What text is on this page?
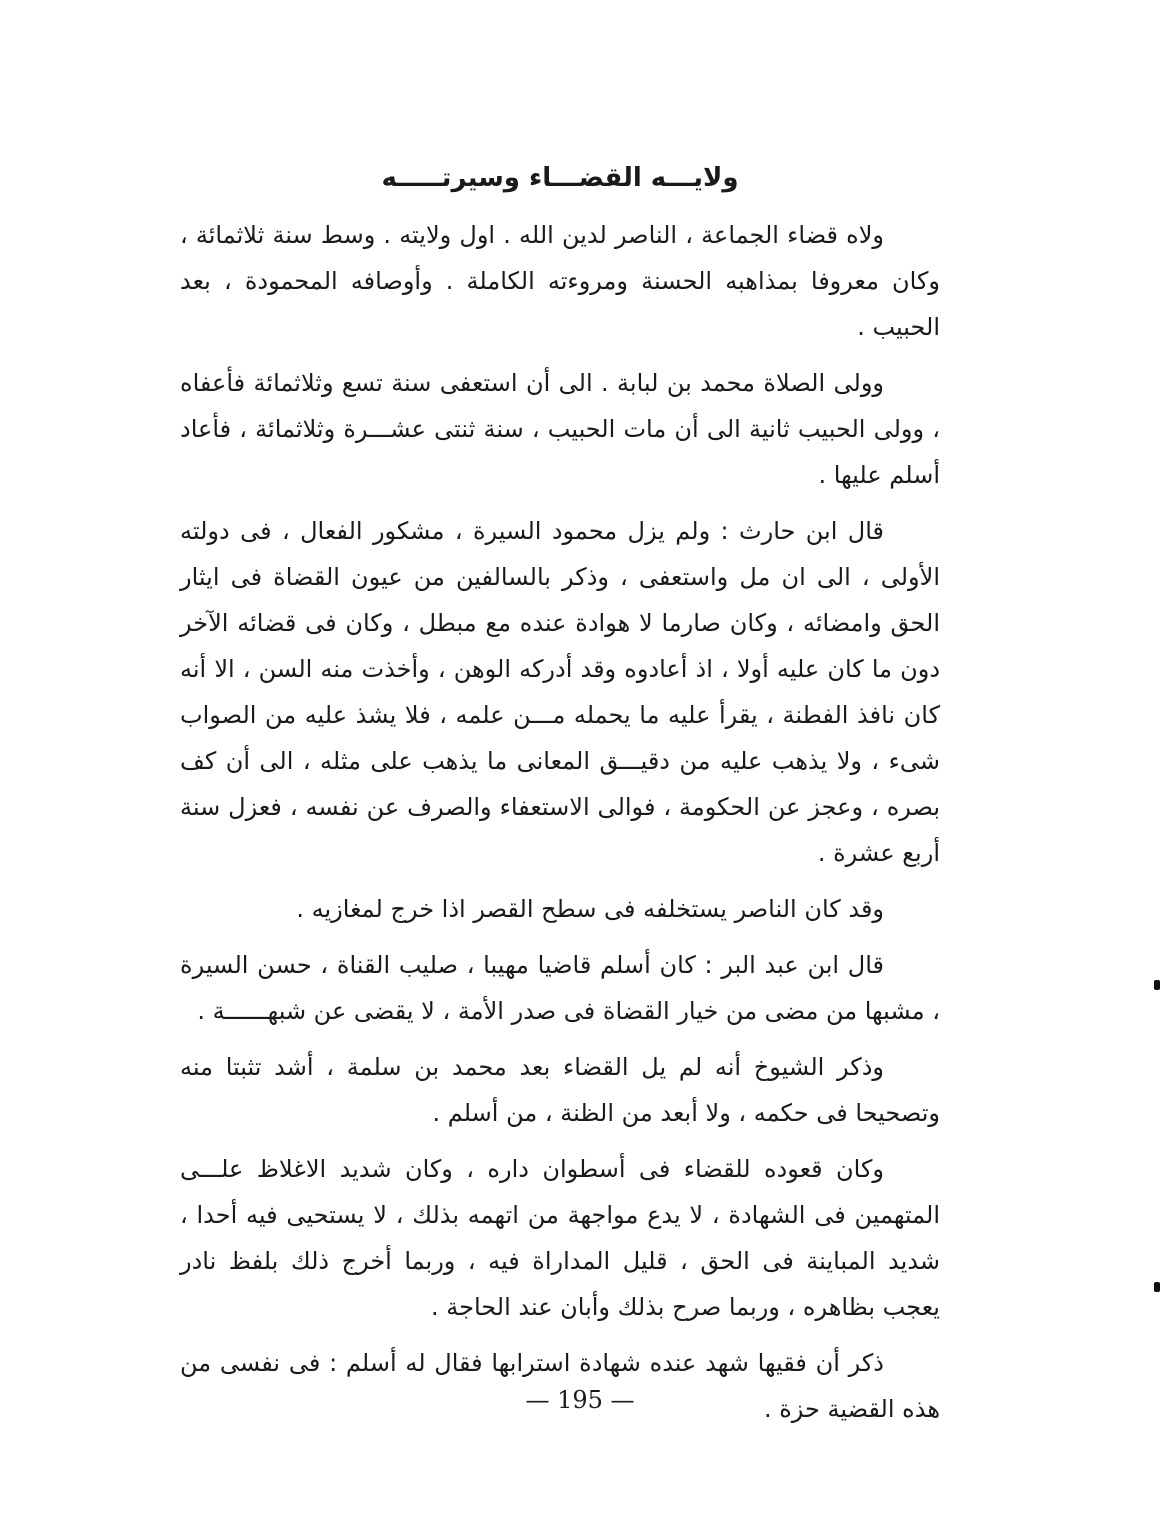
ولايـــه القضـــاء وسيرتـــــه

ولاه قضاء الجماعة ، الناصر لدين الله . اول ولايته . وسط سنة ثلاثمائة ، وكان معروفا بمذاهبه الحسنة ومروءته الكاملة . وأوصافه المحمودة ، بعد الحبيب .

وولى الصلاة محمد بن لبابة . الى أن استعفى سنة تسع وثلاثمائة فأعفاه ، وولى الحبيب ثانية الى أن مات الحبيب ، سنة ثنتى عشـــرة وثلاثمائة ، فأعاد أسلم عليها .

قال ابن حارث : ولم يزل محمود السيرة ، مشكور الفعال ، فى دولته الأولى ، الى ان مل واستعفى ، وذكر بالسالفين من عيون القضاة فى ايثار الحق وامضائه ، وكان صارما لا هوادة عنده مع مبطل ، وكان فى قضائه الآخر دون ما كان عليه أولا ، اذ أعادوه وقد أدركه الوهن ، وأخذت منه السن ، الا أنه كان نافذ الفطنة ، يقرأ عليه ما يحمله مـــن علمه ، فلا يشذ عليه من الصواب شىء ، ولا يذهب عليه من دقيـــق المعانى ما يذهب على مثله ، الى أن كف بصره ، وعجز عن الحكومة ، فوالى الاستعفاء والصرف عن نفسه ، فعزل سنة أربع عشرة .

وقد كان الناصر يستخلفه فى سطح القصر اذا خرج لمغازيه .

قال ابن عبد البر : كان أسلم قاضيا مهيبا ، صليب القناة ، حسن السيرة ، مشبها من مضى من خيار القضاة فى صدر الأمة ، لا يقضى عن شبهــــــة .

وذكر الشيوخ أنه لم يل القضاء بعد محمد بن سلمة ، أشد تثبتا منه وتصحيحا فى حكمه ، ولا أبعد من الظنة ، من أسلم .

وكان قعوده للقضاء فى أسطوان داره ، وكان شديد الاغلاظ علـــى المتهمين فى الشهادة ، لا يدع مواجهة من اتهمه بذلك ، لا يستحيى فيه أحدا ، شديد المباينة فى الحق ، قليل المداراة فيه ، وربما أخرج ذلك بلفظ نادر يعجب بظاهره ، وربما صرح بذلك وأبان عند الحاجة .

ذكر أن فقيها شهد عنده شهادة استرابها فقال له أسلم : فى نفسى من هذه القضية حزة .

— 195 —
